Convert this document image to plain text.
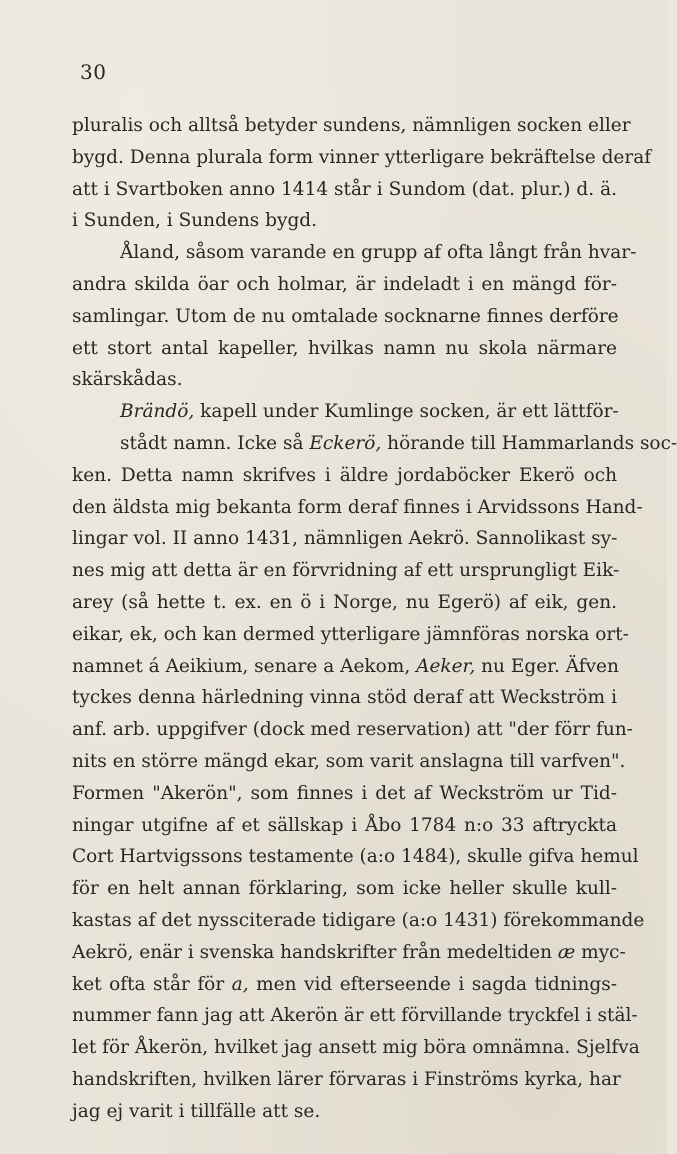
30
pluralis och alltså betyder sundens, nämnligen socken eller
bygd. Denna plurala form vinner ytterligare bekräftelse deraf
att i Svartboken anno 1414 står i Sundom (dat. plur.) d. ä.
i Sunden, i Sundens bygd.
Åland, såsom varande en grupp af ofta långt från hvar-
andra skilda öar och holmar, är indeladt i en mängd för-
samlingar. Utom de nu omtalade socknarne finnes derföre
ett stort antal kapeller, hvilkas namn nu skola närmare
skärskådas.
Brändö, kapell under Kumlinge socken, är ett lättför-
stådt namn. Icke så Eckerö, hörande till Hammarlands soc-
ken. Detta namn skrifves i äldre jordaböcker Ekerö och
den äldsta mig bekanta form deraf finnes i Arvidssons Hand-
lingar vol. II anno 1431, nämnligen Aekrö. Sannolikast sy-
nes mig att detta är en förvridning af ett ursprungligt Eik-
arey (så hette t. ex. en ö i Norge, nu Egerö) af eik, gen.
eikar, ek, och kan dermed ytterligare jämnföras norska ort-
namnet á Aeikium, senare a Aekom, Aeker, nu Eger. Äfven
tyckes denna härledning vinna stöd deraf att Weckström i
anf. arb. uppgifver (dock med reservation) att "der förr fun-
nits en större mängd ekar, som varit anslagna till varfven".
Formen "Akerön", som finnes i det af Weckström ur Tid-
ningar utgifne af et sällskap i Åbo 1784 n:o 33 aftryckta
Cort Hartvigssons testamente (a:o 1484), skulle gifva hemul
för en helt annan förklaring, som icke heller skulle kull-
kastas af det nyssciterade tidigare (a:o 1431) förekommande
Aekrö, enär i svenska handskrifter från medeltiden æ myc-
ket ofta står för a, men vid efterseende i sagda tidnings-
nummer fann jag att Akerön är ett förvillande tryckfel i stäl-
let för Åkerön, hvilket jag ansett mig böra omnämna. Sjelfva
handskriften, hvilken lärer förvaras i Finströms kyrka, har
jag ej varit i tillfälle att se.
